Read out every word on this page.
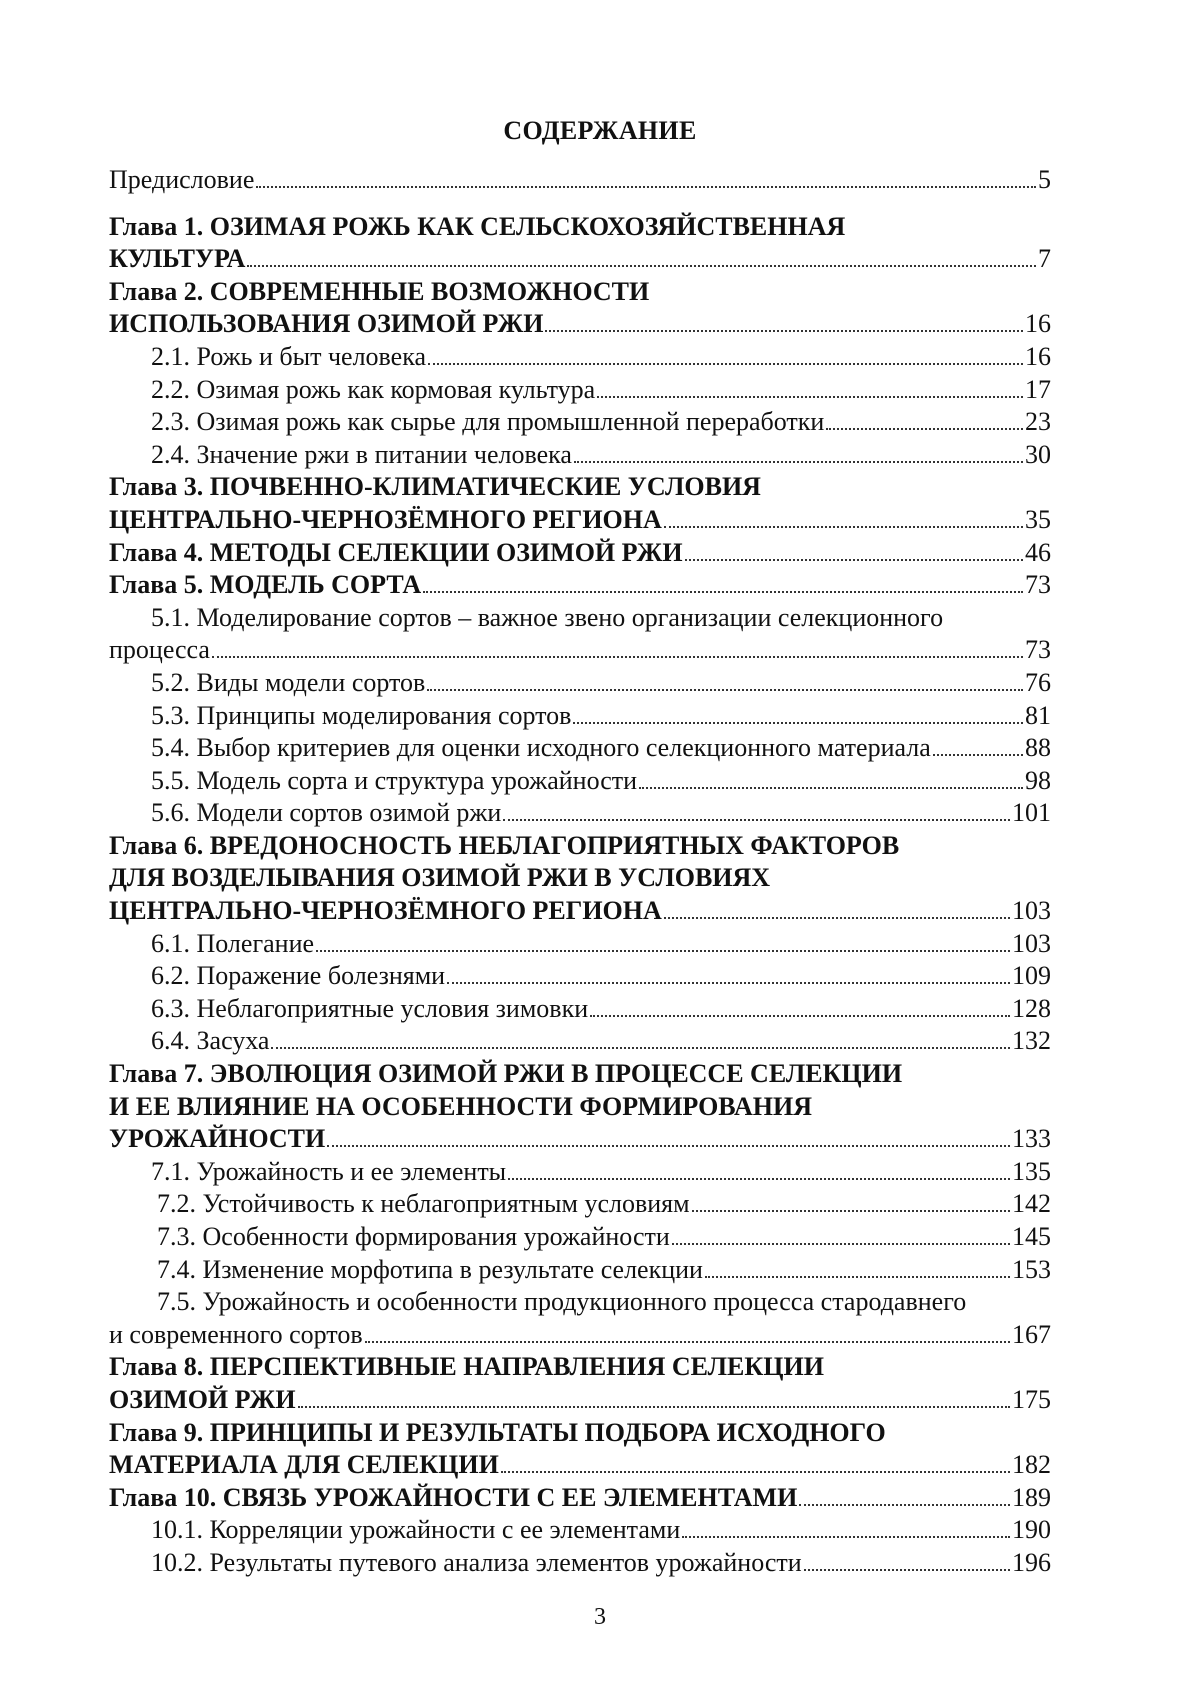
СОДЕРЖАНИЕ
Предисловие	5
Глава 1. ОЗИМАЯ РОЖЬ КАК СЕЛЬСКОХОЗЯЙСТВЕННАЯ
КУЛЬТУРА	7
Глава 2. СОВРЕМЕННЫЕ ВОЗМОЖНОСТИ
ИСПОЛЬЗОВАНИЯ ОЗИМОЙ РЖИ	16
2.1. Рожь и быт человека	16
2.2. Озимая рожь как кормовая культура	17
2.3. Озимая рожь как сырье для промышленной переработки	23
2.4. Значение ржи в питании человека	30
Глава 3. ПОЧВЕННО-КЛИМАТИЧЕСКИЕ УСЛОВИЯ
ЦЕНТРАЛЬНО-ЧЕРНОЗЁМНОГО РЕГИОНА	35
Глава 4. МЕТОДЫ СЕЛЕКЦИИ ОЗИМОЙ РЖИ	46
Глава 5. МОДЕЛЬ СОРТА	73
5.1. Моделирование сортов – важное звено организации селекционного
процесса	73
5.2. Виды модели сортов	76
5.3. Принципы моделирования сортов	81
5.4. Выбор критериев для оценки исходного селекционного материала	88
5.5. Модель сорта и структура урожайности	98
5.6. Модели сортов озимой ржи	101
Глава 6. ВРЕДОНОСНОСТЬ НЕБЛАГОПРИЯТНЫХ ФАКТОРОВ
ДЛЯ ВОЗДЕЛЫВАНИЯ ОЗИМОЙ РЖИ В УСЛОВИЯХ
ЦЕНТРАЛЬНО-ЧЕРНОЗЁМНОГО РЕГИОНА	103
6.1. Полегание	103
6.2. Поражение болезнями	109
6.3. Неблагоприятные условия зимовки	128
6.4. Засуха	132
Глава 7. ЭВОЛЮЦИЯ ОЗИМОЙ РЖИ В ПРОЦЕССЕ СЕЛЕКЦИИ
И ЕЕ ВЛИЯНИЕ НА ОСОБЕННОСТИ ФОРМИРОВАНИЯ
УРОЖАЙНОСТИ	133
7.1. Урожайность и ее элементы	135
7.2. Устойчивость к неблагоприятным условиям	142
7.3. Особенности формирования урожайности	145
7.4. Изменение морфотипа в результате селекции	153
7.5. Урожайность и особенности продукционного процесса стародавнего
и современного сортов	167
Глава 8. ПЕРСПЕКТИВНЫЕ НАПРАВЛЕНИЯ СЕЛЕКЦИИ
ОЗИМОЙ РЖИ	175
Глава 9. ПРИНЦИПЫ И РЕЗУЛЬТАТЫ ПОДБОРА ИСХОДНОГО
МАТЕРИАЛА ДЛЯ СЕЛЕКЦИИ	182
Глава 10. СВЯЗЬ УРОЖАЙНОСТИ С ЕЕ ЭЛЕМЕНТАМИ	189
10.1. Корреляции урожайности с ее элементами	190
10.2. Результаты путевого анализа элементов урожайности	196
3
